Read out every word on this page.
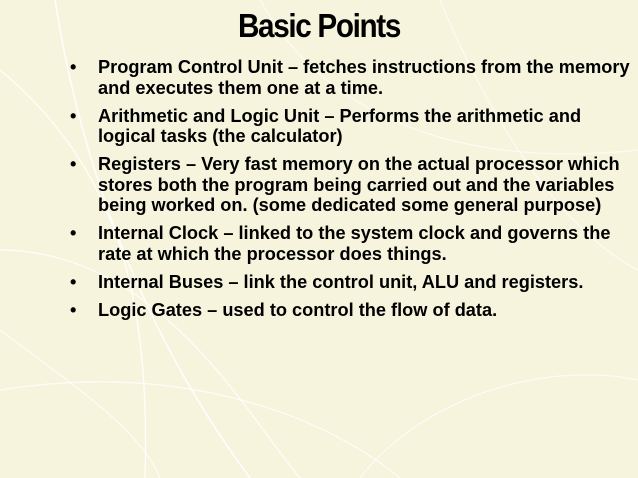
Basic Points
• Program Control Unit – fetches instructions from the memory and executes them one at a time.
• Arithmetic and Logic Unit – Performs the arithmetic and logical tasks (the calculator)
• Registers – Very fast memory on the actual processor which stores both the program being carried out and the variables being worked on. (some dedicated some general purpose)
• Internal Clock – linked to the system clock and governs the rate at which the processor does things.
• Internal Buses – link the control unit, ALU and registers.
• Logic Gates – used to control the flow of data.
